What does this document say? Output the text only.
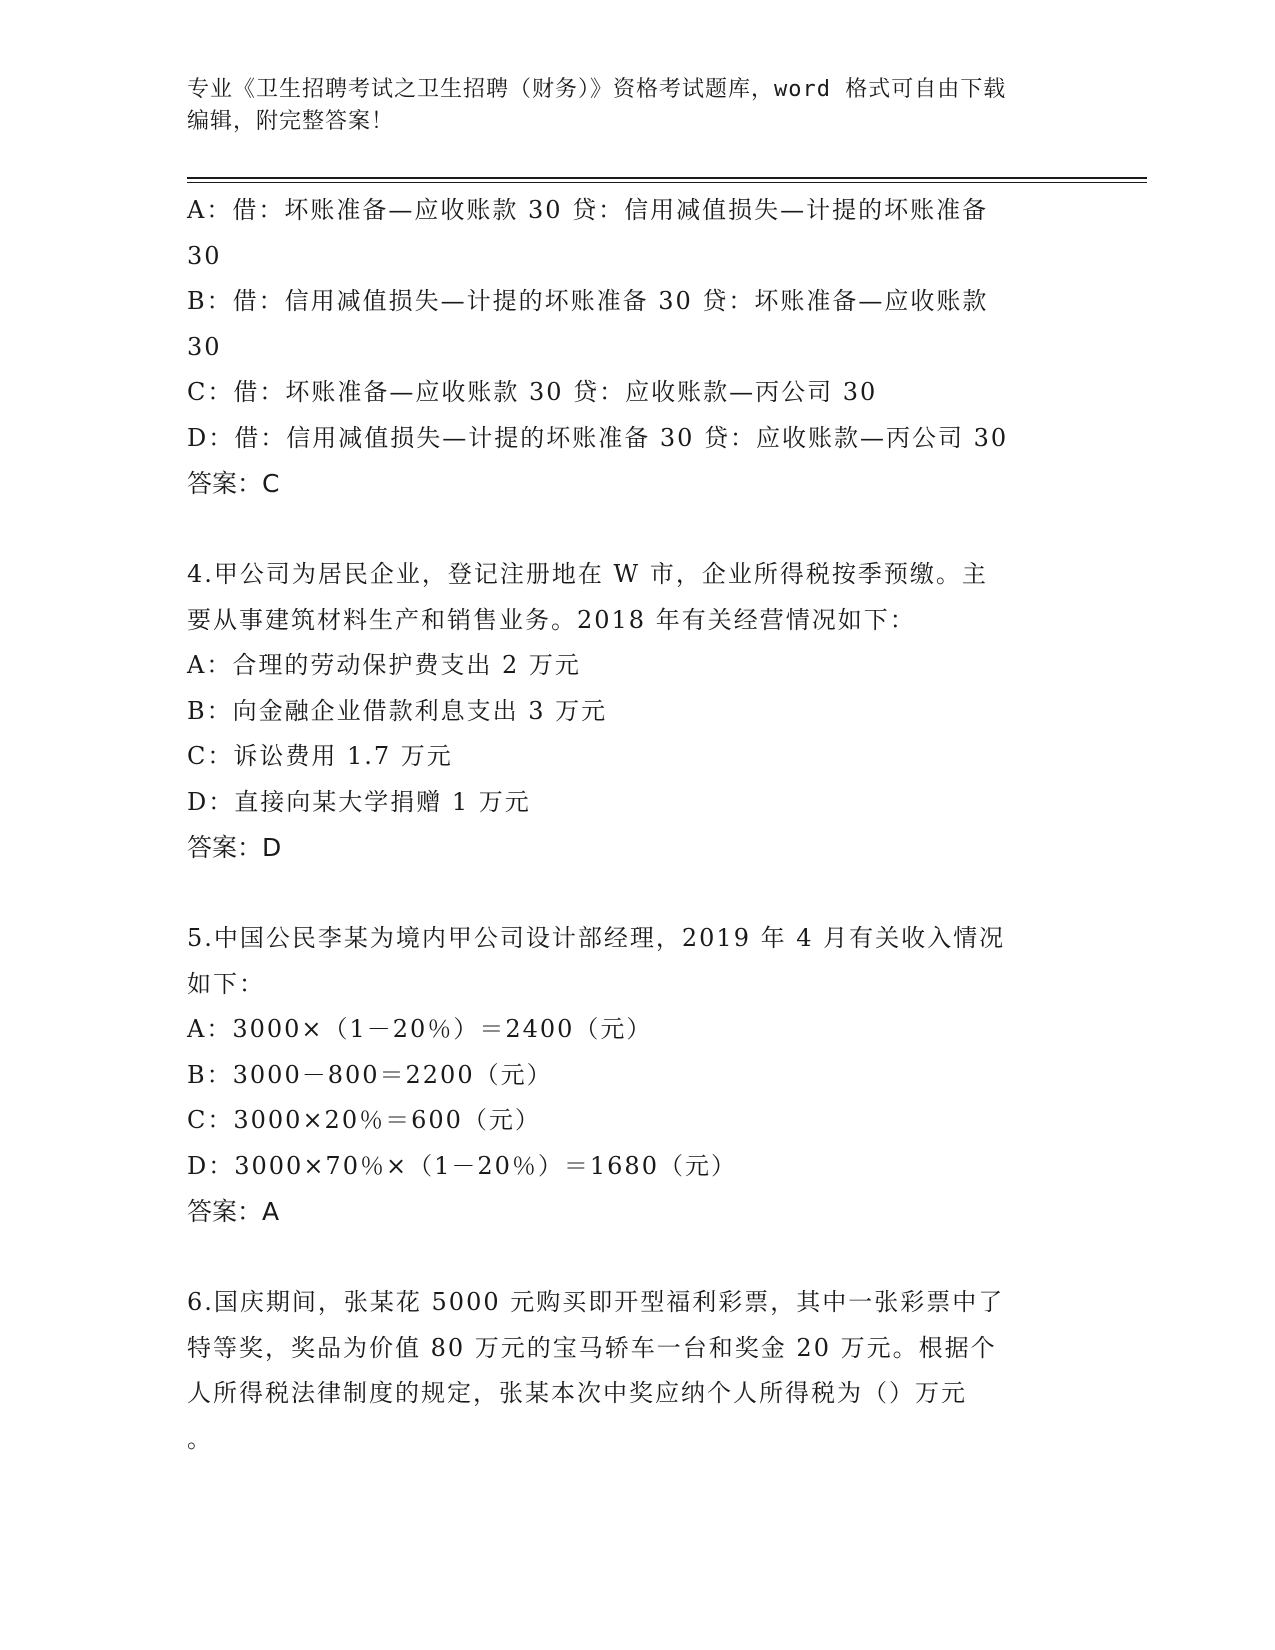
专业《卫生招聘考试之卫生招聘（财务）》资格考试题库，word 格式可自由下载
编辑，附完整答案！
A：借：坏账准备—应收账款 30 贷：信用减值损失—计提的坏账准备
30
B：借：信用减值损失—计提的坏账准备 30 贷：坏账准备—应收账款
30
C：借：坏账准备—应收账款 30 贷：应收账款—丙公司 30
D：借：信用减值损失—计提的坏账准备 30 贷：应收账款—丙公司 30
答案：C
4.甲公司为居民企业，登记注册地在 W 市，企业所得税按季预缴。主
要从事建筑材料生产和销售业务。2018 年有关经营情况如下：
A：合理的劳动保护费支出 2 万元
B：向金融企业借款利息支出 3 万元
C：诉讼费用 1.7 万元
D：直接向某大学捐赠 1 万元
答案：D
5.中国公民李某为境内甲公司设计部经理，2019 年 4 月有关收入情况
如下：
A：3000×（1－20％）＝2400（元）
B：3000－800＝2200（元）
C：3000×20％＝600（元）
D：3000×70％×（1－20％）＝1680（元）
答案：A
6.国庆期间，张某花 5000 元购买即开型福利彩票，其中一张彩票中了
特等奖，奖品为价值 80 万元的宝马轿车一台和奖金 20 万元。根据个
人所得税法律制度的规定，张某本次中奖应纳个人所得税为（）万元
。
